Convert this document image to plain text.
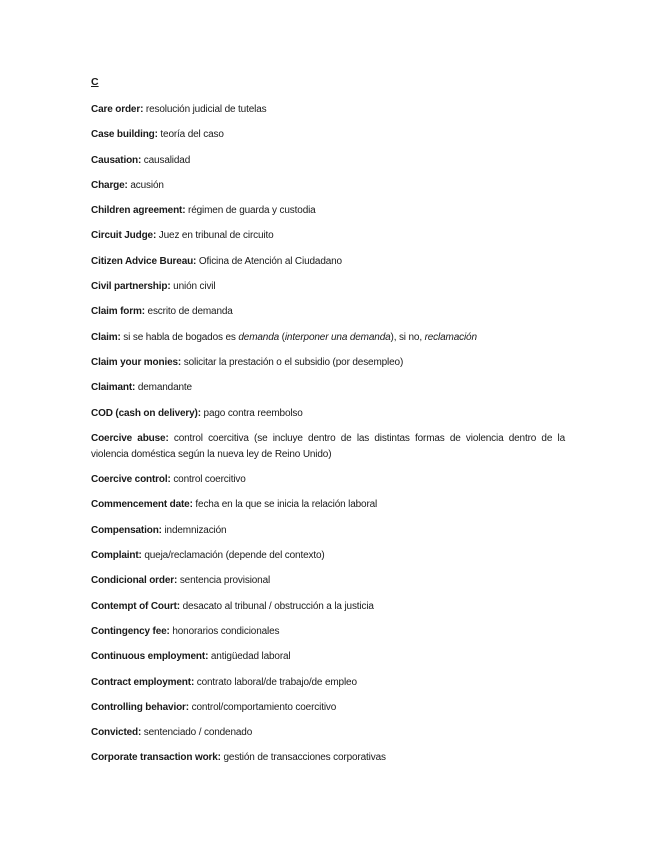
C

Care order: resolución judicial de tutelas

Case building: teoría del caso

Causation: causalidad

Charge: acusión

Children agreement: régimen de guarda y custodia

Circuit Judge: Juez en tribunal de circuito

Citizen Advice Bureau: Oficina de Atención al Ciudadano

Civil partnership: unión civil

Claim form: escrito de demanda

Claim: si se habla de bogados es demanda (interponer una demanda), si no, reclamación

Claim your monies: solicitar la prestación o el subsidio (por desempleo)

Claimant: demandante

COD (cash on delivery): pago contra reembolso

Coercive abuse: control coercitiva (se incluye dentro de las distintas formas de violencia dentro de la violencia doméstica según la nueva ley de Reino Unido)

Coercive control: control coercitivo

Commencement date: fecha en la que se inicia la relación laboral

Compensation: indemnización

Complaint: queja/reclamación (depende del contexto)

Condicional order: sentencia provisional

Contempt of Court: desacato al tribunal / obstrucción a la justicia

Contingency fee: honorarios condicionales

Continuous employment: antigüedad laboral

Contract employment: contrato laboral/de trabajo/de empleo

Controlling behavior: control/comportamiento coercitivo

Convicted: sentenciado / condenado

Corporate transaction work: gestión de transacciones corporativas
